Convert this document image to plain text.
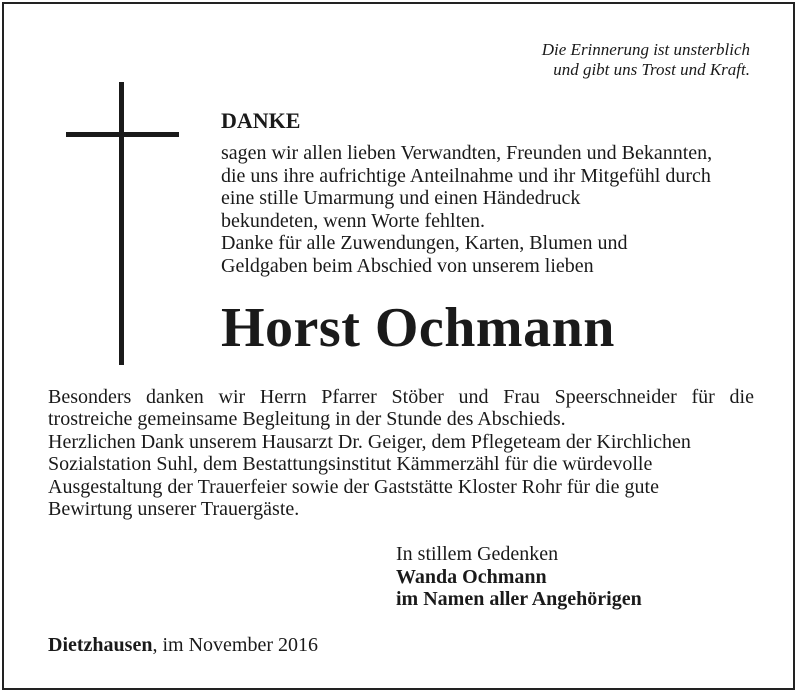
Die Erinnerung ist unsterblich
und gibt uns Trost und Kraft.
DANKE
sagen wir allen lieben Verwandten, Freunden und Bekannten,
die uns ihre aufrichtige Anteilnahme und ihr Mitgefühl durch
eine stille Umarmung und einen Händedruck
bekundeten, wenn Worte fehlten.
Danke für alle Zuwendungen, Karten, Blumen und
Geldgaben beim Abschied von unserem lieben
Horst Ochmann
Besonders danken wir Herrn Pfarrer Stöber und Frau Speerschneider für die
trostreiche gemeinsame Begleitung in der Stunde des Abschieds.
Herzlichen Dank unserem Hausarzt Dr. Geiger, dem Pflegeteam der Kirchlichen
Sozialstation Suhl, dem Bestattungsinstitut Kämmerzähl für die würdevolle
Ausgestaltung der Trauerfeier sowie der Gaststätte Kloster Rohr für die gute
Bewirtung unserer Trauergäste.
In stillem Gedenken
Wanda Ochmann
im Namen aller Angehörigen
Dietzhausen, im November 2016
